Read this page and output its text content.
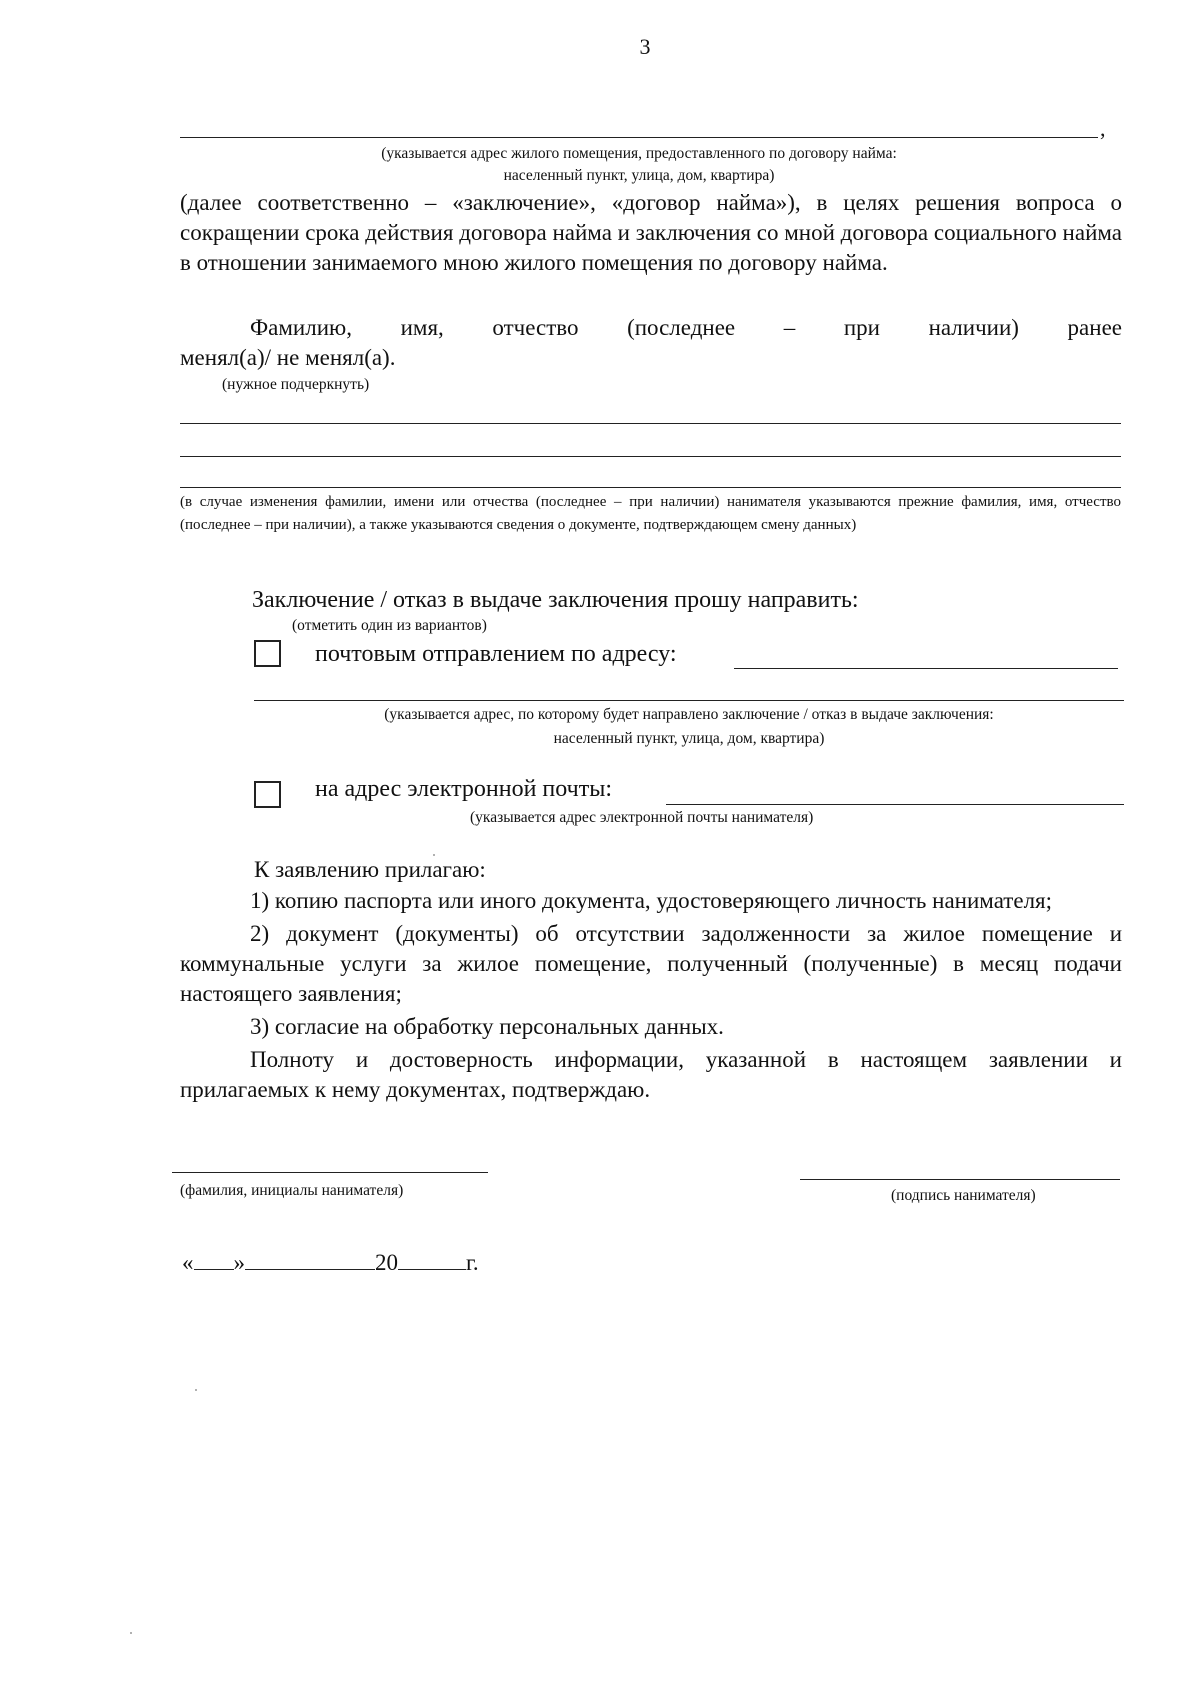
3
,
(указывается адрес жилого помещения, предоставленного по договору найма:
населенный пункт, улица, дом, квартира)

(далее соответственно – «заключение», «договор найма»), в целях решения вопроса о сокращении срока действия договора найма и заключения со мной договора социального найма в отношении занимаемого мною жилого помещения по договору найма.

Фамилию, имя, отчество (последнее – при наличии) ранее
менял(а)/ не менял(а).
(нужное подчеркнуть)
(в случае изменения фамилии, имени или отчества (последнее – при наличии) нанимателя указываются прежние фамилия, имя, отчество (последнее – при наличии), а также указываются сведения о документе, подтверждающем смену данных)
Заключение / отказ в выдаче заключения прошу направить:
(отметить один из вариантов)
почтовым отправлением по адресу:
(указывается адрес, по которому будет направлено заключение / отказ в выдаче заключения:
населенный пункт, улица, дом, квартира)
на адрес электронной почты:
(указывается адрес электронной почты нанимателя)
К заявлению прилагаю:

1) копию паспорта или иного документа, удостоверяющего личность нанимателя;

2) документ (документы) об отсутствии задолженности за жилое помещение и коммунальные услуги за жилое помещение, полученный (полученные) в месяц подачи настоящего заявления;

3) согласие на обработку персональных данных.

Полноту и достоверность информации, указанной в настоящем заявлении и прилагаемых к нему документах, подтверждаю.

(фамилия, инициалы нанимателя)	(подпись нанимателя)
« »	20	г.
